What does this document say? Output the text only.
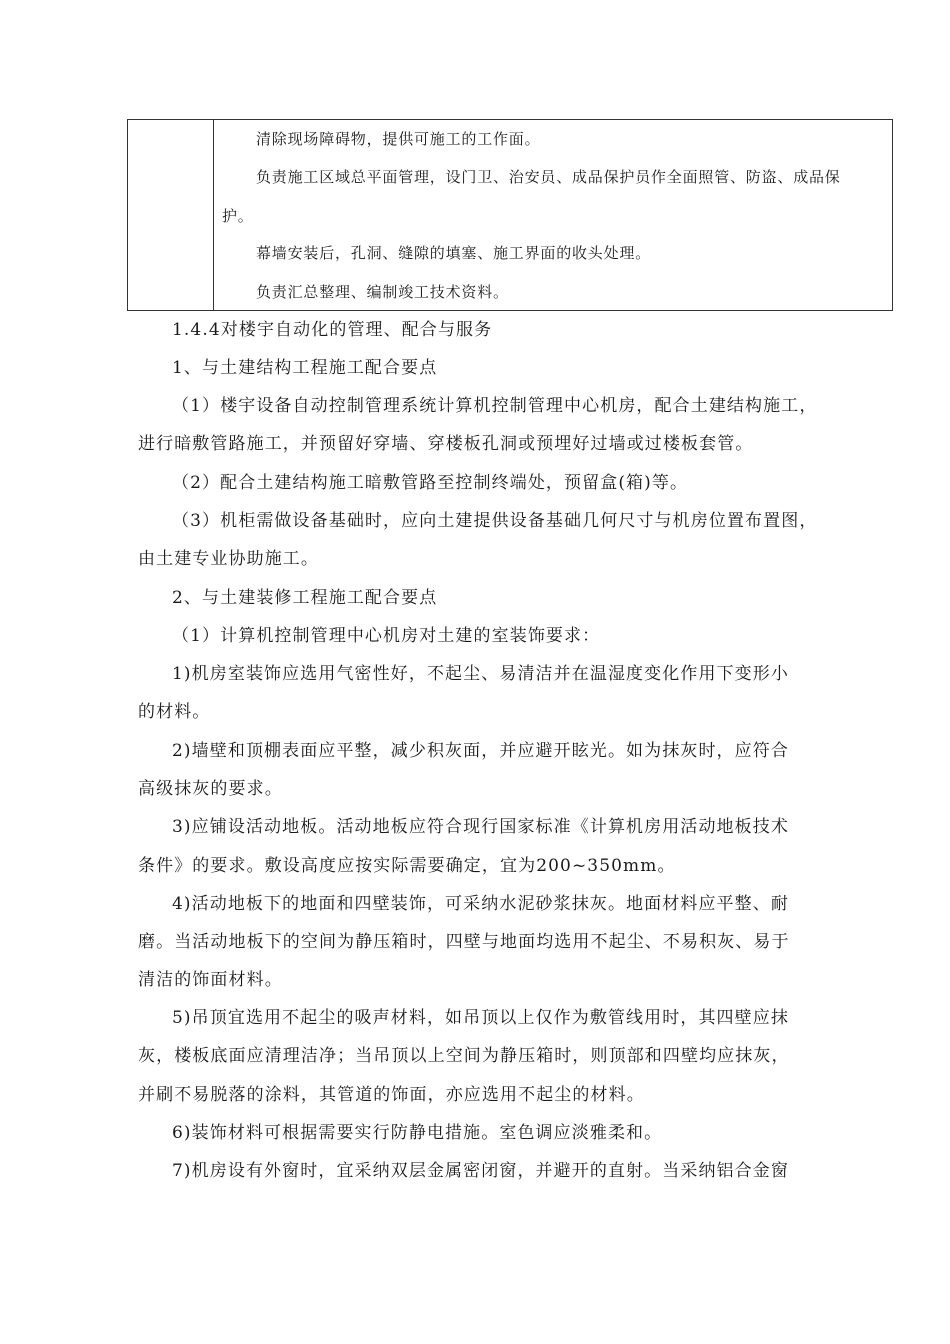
清除现场障碍物，提供可施工的工作面。
负责施工区域总平面管理，设门卫、治安员、成品保护员作全面照管、防盗、成品保
护。
幕墙安装后，孔洞、缝隙的填塞、施工界面的收头处理。
负责汇总整理、编制竣工技术资料。
1.4.4对楼宇自动化的管理、配合与服务
1、与土建结构工程施工配合要点
（1）楼宇设备自动控制管理系统计算机控制管理中心机房，配合土建结构施工，
进行暗敷管路施工，并预留好穿墙、穿楼板孔洞或预埋好过墙或过楼板套管。
（2）配合土建结构施工暗敷管路至控制终端处，预留盒(箱)等。
（3）机柜需做设备基础时，应向土建提供设备基础几何尺寸与机房位置布置图，
由土建专业协助施工。
2、与土建装修工程施工配合要点
（1）计算机控制管理中心机房对土建的室装饰要求：
1)机房室装饰应选用气密性好，不起尘、易清洁并在温湿度变化作用下变形小
的材料。
2)墙壁和顶棚表面应平整，减少积灰面，并应避开眩光。如为抹灰时，应符合
高级抹灰的要求。
3)应铺设活动地板。活动地板应符合现行国家标准《计算机房用活动地板技术
条件》的要求。敷设高度应按实际需要确定，宜为200~350mm。
4)活动地板下的地面和四壁装饰，可采纳水泥砂浆抹灰。地面材料应平整、耐
磨。当活动地板下的空间为静压箱时，四壁与地面均选用不起尘、不易积灰、易于
清洁的饰面材料。
5)吊顶宜选用不起尘的吸声材料，如吊顶以上仅作为敷管线用时，其四壁应抹
灰，楼板底面应清理洁净；当吊顶以上空间为静压箱时，则顶部和四壁均应抹灰，
并刷不易脱落的涂料，其管道的饰面，亦应选用不起尘的材料。
6)装饰材料可根据需要实行防静电措施。室色调应淡雅柔和。
7)机房设有外窗时，宜采纳双层金属密闭窗，并避开的直射。当采纳铝合金窗
